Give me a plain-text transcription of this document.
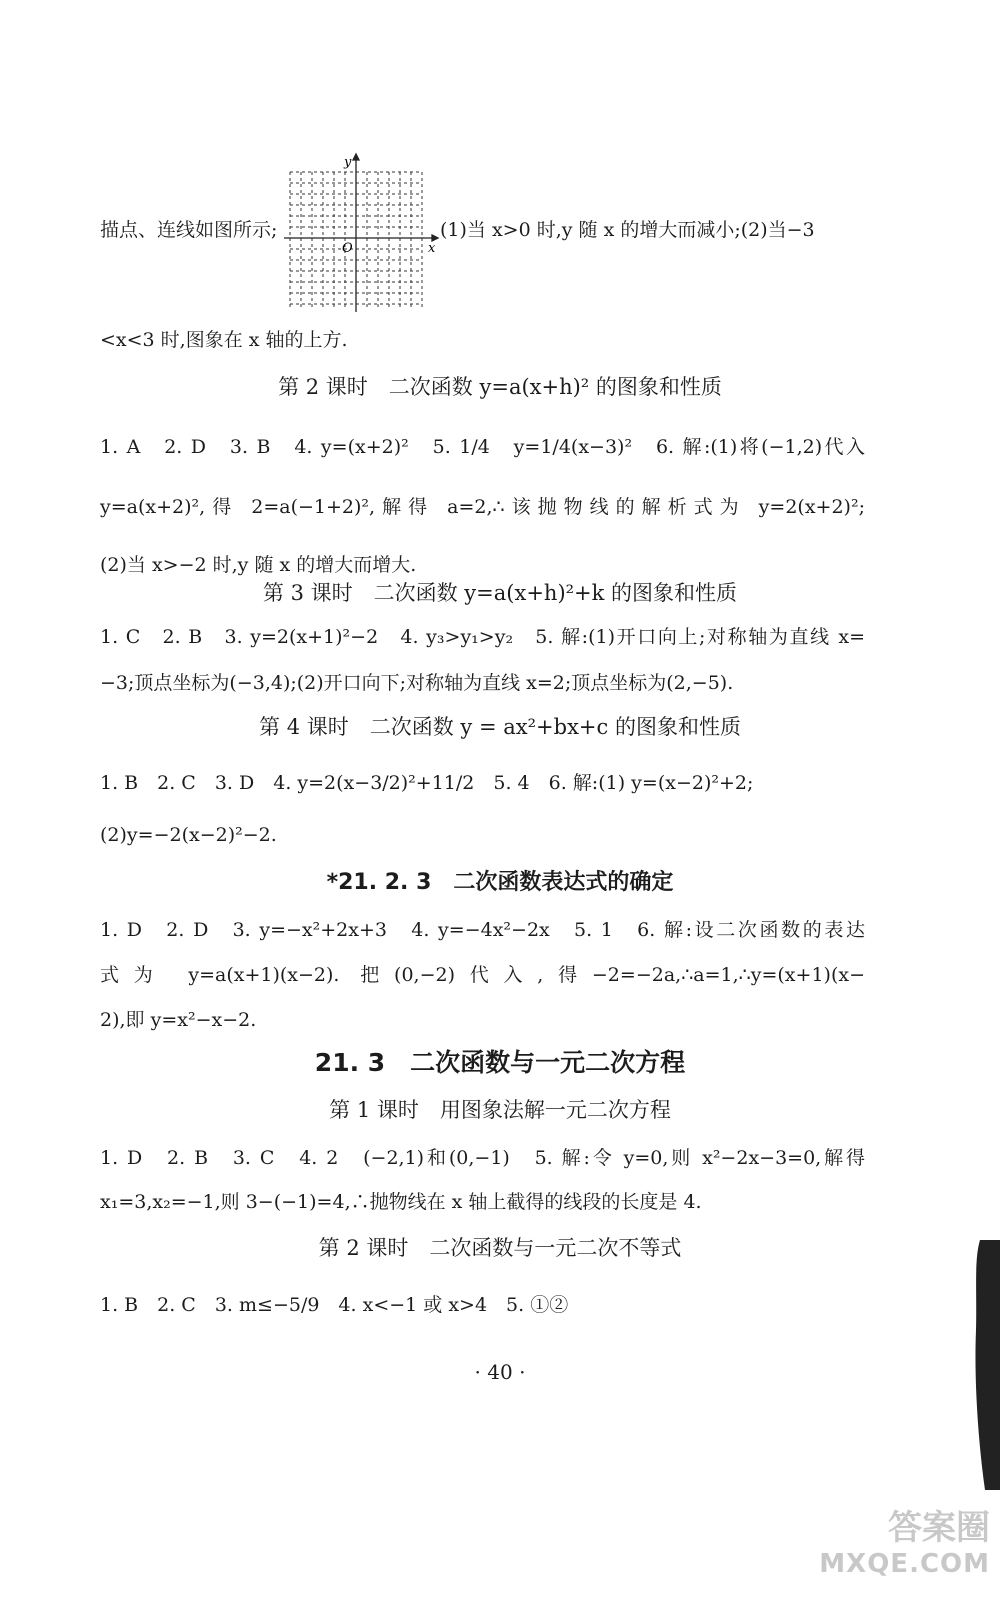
描点、连线如图所示;
y
x
O
(1)当 x>0 时,y 随 x 的增大而减小;(2)当−3
<x<3 时,图象在 x 轴的上方.
第 2 课时　二次函数 y=a(x+h)² 的图象和性质
1. A　2. D　3. B　4. y=(x+2)²　5. 1/4　y=1/4(x−3)²　6. 解:(1)将(−1,2)代入
y=a(x+2)²,得 2=a(−1+2)²,解得 a=2,∴该抛物线的解析式为 y=2(x+2)²;
(2)当 x>−2 时,y 随 x 的增大而增大.
第 3 课时　二次函数 y=a(x+h)²+k 的图象和性质
1. C　2. B　3. y=2(x+1)²−2　4. y₃>y₁>y₂　5. 解:(1)开口向上;对称轴为直线 x=
−3;顶点坐标为(−3,4);(2)开口向下;对称轴为直线 x=2;顶点坐标为(2,−5).
第 4 课时　二次函数 y = ax²+bx+c 的图象和性质
1. B　2. C　3. D　4. y=2(x−3/2)²+11/2　5. 4　6. 解:(1) y=(x−2)²+2;
(2)y=−2(x−2)²−2.
*21. 2. 3　二次函数表达式的确定
1. D　2. D　3. y=−x²+2x+3　4. y=−4x²−2x　5. 1　6. 解:设二次函数的表达
式为 y=a(x+1)(x−2). 把(0,−2)代入,得−2=−2a,∴a=1,∴y=(x+1)(x−
2),即 y=x²−x−2.
21. 3　二次函数与一元二次方程
第 1 课时　用图象法解一元二次方程
1. D　2. B　3. C　4. 2　(−2,1)和(0,−1)　5. 解:令 y=0,则 x²−2x−3=0,解得
x₁=3,x₂=−1,则 3−(−1)=4,∴抛物线在 x 轴上截得的线段的长度是 4.
第 2 课时　二次函数与一元二次不等式
1. B　2. C　3. m≤−5/9　4. x<−1 或 x>4　5. ①②
· 40 ·
答案圈
MXQE.COM
